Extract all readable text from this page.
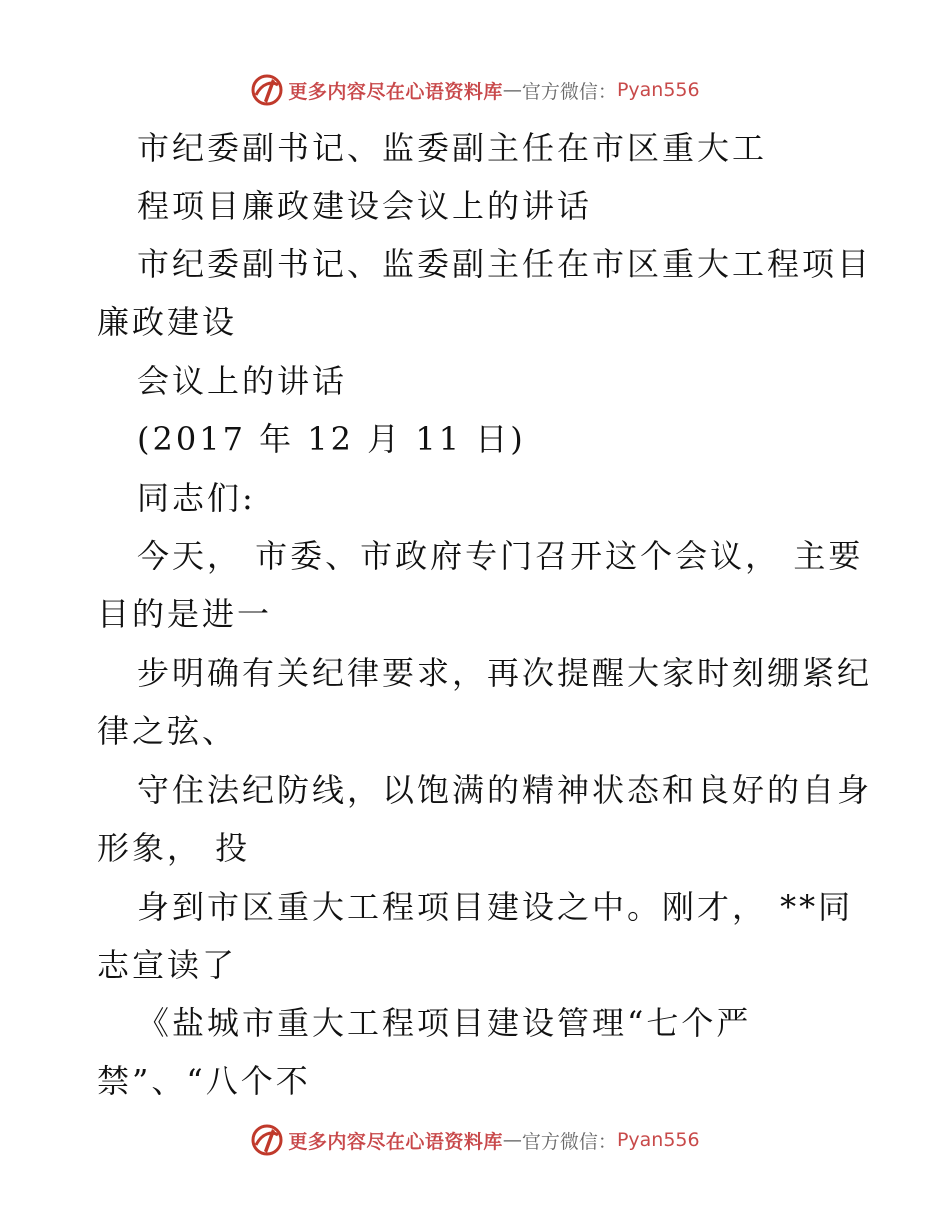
更多内容尽在心语资料库 — 官方微信： Pyan556
市纪委副书记、监委副主任在市区重大工
程项目廉政建设会议上的讲话
市纪委副书记、监委副主任在市区重大工程项目
廉政建设
会议上的讲话
(2017 年 12 月 11 日)
同志们:
今天， 市委、市政府专门召开这个会议， 主要
目的是进一
步明确有关纪律要求，再次提醒大家时刻绷紧纪
律之弦、
守住法纪防线，以饱满的精神状态和良好的自身
形象， 投
身到市区重大工程项目建设之中。刚才， **同
志宣读了
《盐城市重大工程项目建设管理“七个严
禁”、“八个不
更多内容尽在心语资料库 — 官方微信： Pyan556
